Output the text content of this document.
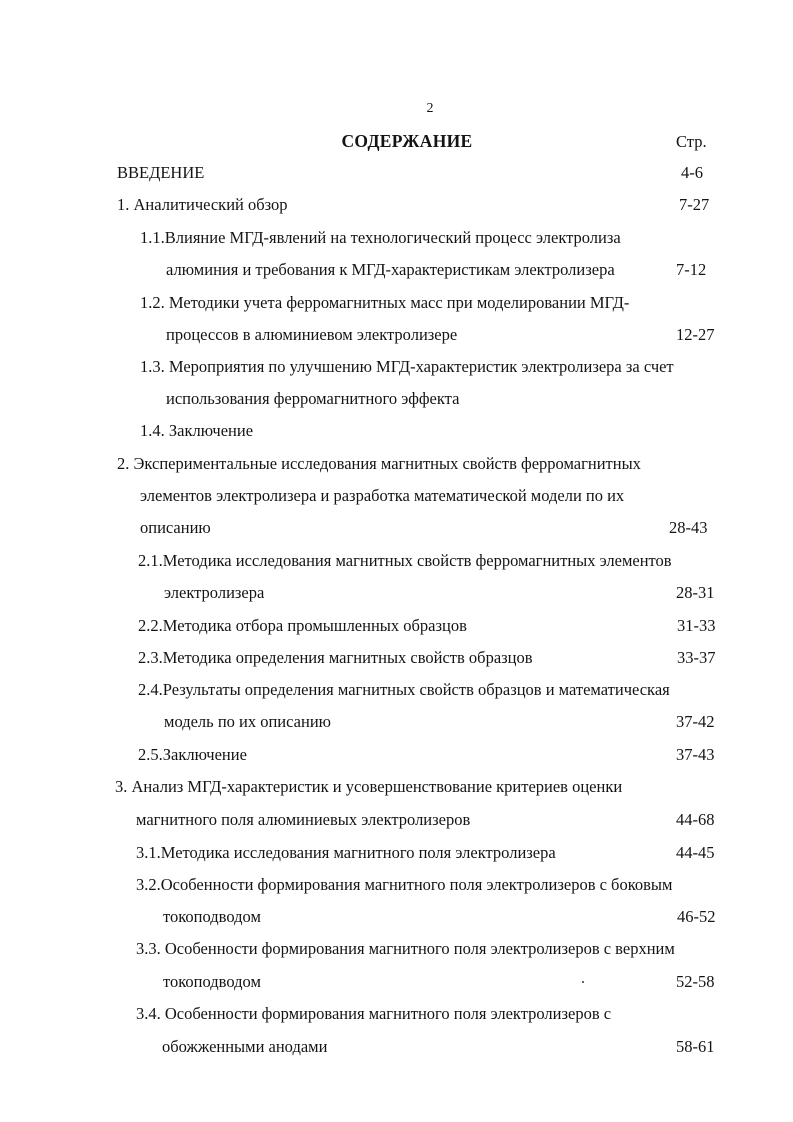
2
СОДЕРЖАНИЕ	Стр.
ВВЕДЕНИЕ	4-6
1. Аналитический обзор	7-27
1.1.Влияние МГД-явлений на технологический процесс электролиза
алюминия и требования к МГД-характеристикам электролизера	7-12
1.2. Методики учета ферромагнитных масс при моделировании МГД-
процессов в алюминиевом электролизере	12-27
1.3. Мероприятия по улучшению МГД-характеристик электролизера за счет
использования ферромагнитного эффекта
1.4. Заключение
2. Экспериментальные исследования магнитных свойств ферромагнитных
элементов электролизера и разработка математической модели по их
описанию	28-43
2.1.Методика исследования магнитных свойств ферромагнитных элементов
электролизера	28-31
2.2.Методика отбора промышленных образцов	31-33
2.3.Методика определения магнитных свойств образцов	33-37
2.4.Результаты определения магнитных свойств образцов и математическая
модель по их описанию	37-42
2.5.Заключение	37-43
3. Анализ МГД-характеристик и усовершенствование критериев оценки
магнитного поля алюминиевых электролизеров	44-68
3.1.Методика исследования магнитного поля электролизера	44-45
3.2.Особенности формирования магнитного поля электролизеров с боковым
токоподводом	46-52
3.3. Особенности формирования магнитного поля электролизеров с верхним
токоподводом	52-58
3.4. Особенности формирования магнитного поля электролизеров с
обожженными анодами	58-61
